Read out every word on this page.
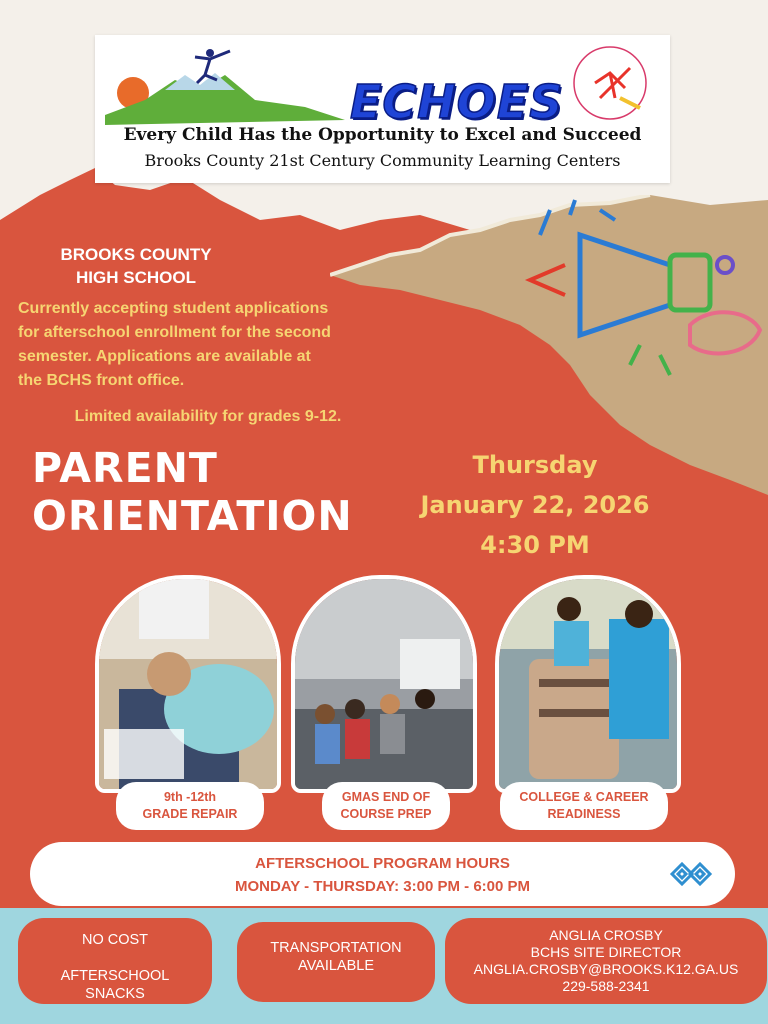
ECHOES
Every Child Has the Opportunity to Excel and Succeed
Brooks County 21st Century Community Learning Centers
BROOKS COUNTY
HIGH SCHOOL
Currently accepting student applications
for afterschool enrollment for the second
semester. Applications are available at
the BCHS front office.
Limited availability for grades 9-12.
PARENT
ORIENTATION
Thursday
January 22, 2026
4:30 PM
9th -12th
GRADE REPAIR
GMAS END OF
COURSE PREP
COLLEGE & CAREER
READINESS
AFTERSCHOOL PROGRAM HOURS
MONDAY - THURSDAY: 3:00 PM - 6:00 PM
NO COST
AFTERSCHOOL
SNACKS
TRANSPORTATION
AVAILABLE
ANGLIA CROSBY
BCHS SITE DIRECTOR
ANGLIA.CROSBY@BROOKS.K12.GA.US
229-588-2341
